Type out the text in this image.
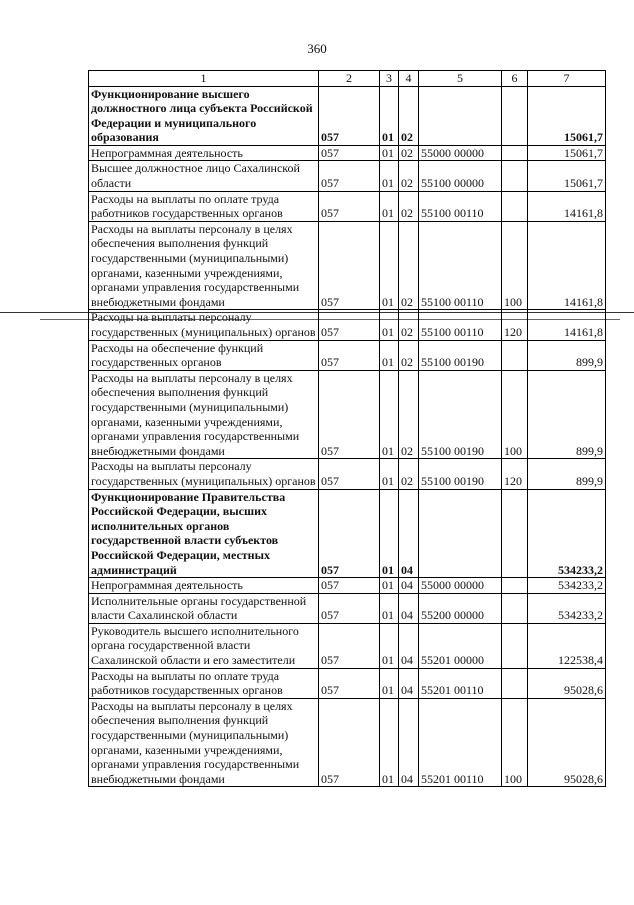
360
1	2	3	4	5	6	7
Функционирование высшего должностного лица субъекта Российской Федерации и муниципального образования	057	01	02			15061,7
Непрограммная деятельность	057	01	02	55000 00000		15061,7
Высшее должностное лицо Сахалинской области	057	01	02	55100 00000		15061,7
Расходы на выплаты по оплате труда работников государственных органов	057	01	02	55100 00110		14161,8
Расходы на выплаты персоналу в целях обеспечения выполнения функций государственными (муниципальными) органами, казенными учреждениями, органами управления государственными внебюджетными фондами	057	01	02	55100 00110	100	14161,8
Расходы на выплаты персоналу государственных (муниципальных) органов	057	01	02	55100 00110	120	14161,8
Расходы на обеспечение функций государственных органов	057	01	02	55100 00190		899,9
Расходы на выплаты персоналу в целях обеспечения выполнения функций государственными (муниципальными) органами, казенными учреждениями, органами управления государственными внебюджетными фондами	057	01	02	55100 00190	100	899,9
Расходы на выплаты персоналу государственных (муниципальных) органов	057	01	02	55100 00190	120	899,9
Функционирование Правительства Российской Федерации, высших исполнительных органов государственной власти субъектов Российской Федерации, местных администраций	057	01	04			534233,2
Непрограммная деятельность	057	01	04	55000 00000		534233,2
Исполнительные органы государственной власти Сахалинской области	057	01	04	55200 00000		534233,2
Руководитель высшего исполнительного органа государственной власти Сахалинской области и его заместители	057	01	04	55201 00000		122538,4
Расходы на выплаты по оплате труда работников государственных органов	057	01	04	55201 00110		95028,6
Расходы на выплаты персоналу в целях обеспечения выполнения функций государственными (муниципальными) органами, казенными учреждениями, органами управления государственными внебюджетными фондами	057	01	04	55201 00110	100	95028,6
